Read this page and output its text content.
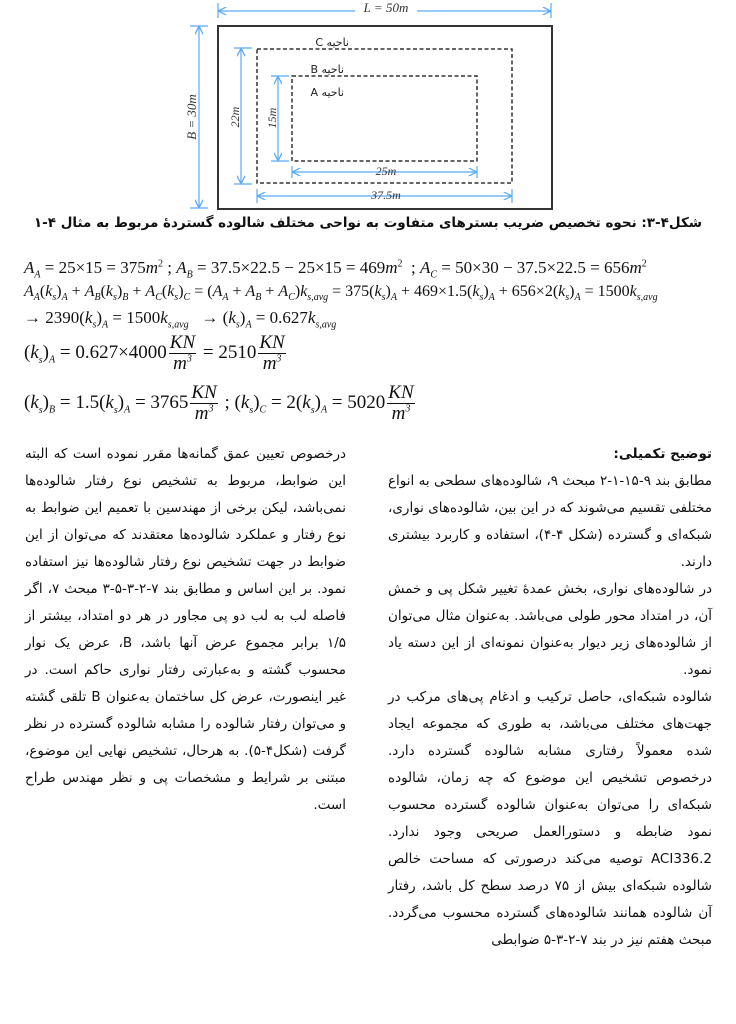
L = 50m
B = 30m 22m 15m
25m
37.5m
ناحیه C
ناحیه B
ناحیه A
شکل۴-۳: نحوه تخصیص ضریب بسترهای متفاوت به نواحی مختلف شالوده گستردهٔ مربوط به مثال ۴-۱
$A_A = 25\times 15 = 375m^2$ ; $A_B = 37.5\times 22.5 - 25\times 15 = 469m^2$  ; $A_C = 50\times 30 - 37.5\times 22.5 = 656m^2$
$A_A(k_s)_A + A_B(k_s)_B + A_C(k_s)_C = (A_A + A_B + A_C)k_{s,avg} = 375(k_s)_A + 469\times 1.5(k_s)_A + 656\times 2(k_s)_A = 1500k_{s,avg}$
→ $2390(k_s)_A = 1500k_{s,avg} \to (k_s)_A = 0.627k_{s,avg}$
$(k_s)_A = 0.627\times 4000 \frac{KN}{m^3} = 2510 \frac{KN}{m^3}$
$(k_s)_B = 1.5(k_s)_A = 3765 \frac{KN}{m^3}$ ; $(k_s)_C = 2(k_s)_A = 5020 \frac{KN}{m^3}$

توضیح تکمیلی:

مطابق بند ۹-۱۵-۱-۲ مبحث ۹، شالوده‌های سطحی به انواع مختلفی تقسیم می‌شوند که در این بین، شالوده‌های نواری، شبکه‌ای و گسترده (شکل ۴-۴)، استفاده و کاربرد بیشتری دارند.

در شالوده‌های نواری، بخش عمدهٔ تغییر شکل پی و خمش آن، در امتداد محور طولی می‌باشد. به‌عنوان مثال می‌توان از شالوده‌های زیر دیوار به‌عنوان نمونه‌ای از این دسته یاد نمود.

شالوده شبکه‌ای، حاصل ترکیب و ادغام پی‌های مرکب در جهت‌های مختلف می‌باشد، به طوری که مجموعه ایجاد شده معمولاً رفتاری مشابه شالوده گسترده دارد. درخصوص تشخیص این موضوع که چه زمان، شالوده شبکه‌ای را می‌توان به‌عنوان شالوده گسترده محسوب نمود ضابطه و دستورالعمل صریحی وجود ندارد. ACI336.2 توصیه می‌کند درصورتی که مساحت خالص شالوده شبکه‌ای بیش از ۷۵ درصد سطح کل باشد، رفتار آن شالوده همانند شالوده‌های گسترده محسوب می‌گردد. مبحث هفتم نیز در بند ۷-۲-۳-۵ ضوابطی

درخصوص تعیین عمق گمانه‌ها مقرر نموده است که البته این ضوابط، مربوط به تشخیص نوع رفتار شالوده‌ها نمی‌باشد، لیکن برخی از مهندسین با تعمیم این ضوابط به نوع رفتار و عملکرد شالوده‌ها معتقدند که می‌توان از این ضوابط در جهت تشخیص نوع رفتار شالوده‌ها نیز استفاده نمود. بر این اساس و مطابق بند ۷-۲-۳-۵-۳ مبحث ۷، اگر فاصله لب به لب دو پی مجاور در هر دو امتداد، بیشتر از ۱/۵ برابر مجموع عرض آنها باشد، B، عرض یک نوار محسوب گشته و به‌عبارتی رفتار نواری حاکم است. در غیر اینصورت، عرض کل ساختمان به‌عنوان B تلقی گشته و می‌توان رفتار شالوده را مشابه شالوده گسترده در نظر گرفت (شکل۴-۵). به هرحال، تشخیص نهایی این موضوع، مبتنی بر شرایط و مشخصات پی و نظر مهندس طراح است.
